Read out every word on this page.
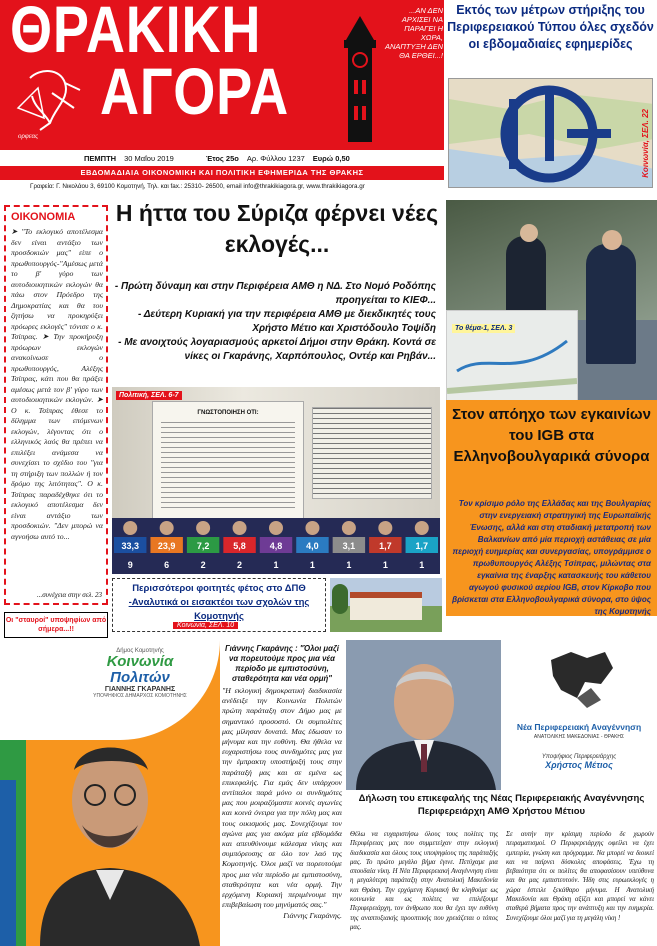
ΘΡΑΚΙΚΗ
ΑΓΟΡΑ
ορφεας
...ΑΝ ΔΕΝ ΑΡΧΙΣΕΙ ΝΑ ΠΑΡΑΓΕΙ Η ΧΩΡΑ, ΑΝΑΠΤΥΞΗ ΔΕΝ ΘΑ ΕΡΘΕΙ...!
ΠΕΜΠΤΗ 30 Μαΐου 2019	Έτος 25ο Αρ. Φύλλου 1237 Ευρώ 0,50
ΕΒΔΟΜΑΔΙΑΙΑ ΟΙΚΟΝΟΜΙΚΗ ΚΑΙ ΠΟΛΙΤΙΚΗ ΕΦΗΜΕΡΙΔΑ ΤΗΣ ΘΡΑΚΗΣ
Γραφεία: Γ. Νικολάου 3, 69100 Κομοτηνή, Τηλ. και fax.: 25310- 26500, email info@thrakikiagora.gr, www.thrakikiagora.gr
Εκτός των μέτρων στήριξης του Περιφερειακού Τύπου όλες σχεδόν οι εβδομαδιαίες εφημερίδες
Κοινωνία, ΣΕΛ. 22
ΟΙΚΟΝΟΜΙΑ

➤ "Το εκλογικό αποτέλεσμα δεν είναι αντάξιο των προσδοκιών μας" είπε ο πρωθυπουργός-"Αμέσως μετά το β' γύρο των αυτοδιοικητικών εκλογών θα πάω στον Πρόεδρο της Δημοκρατίας και θα του ζητήσω να προκηρύξει πρόωρες εκλογές" τόνισε ο κ. Τσίπρας. ➤ Την προκήρυξη πρόωρων εκλογών ανακοίνωσε ο πρωθυπουργός, Αλέξης Τσίπρας, κάτι που θα πράξει αμέσως μετά τον β' γύρο των αυτοδιοικητικών εκλογών. ➤ Ο κ. Τσίπρας έθεσε το δίλημμα των επόμενων εκλογών, λέγοντας ότι ο ελληνικός λαός θα πρέπει να επιλέξει ανάμεσα να συνεχίσει το σχέδιο του "για τη στήριξη των πολλών ή τον δρόμο της λιτότητας". Ο κ. Τσίπρας παραδέχθηκε ότι το εκλογικό αποτέλεσμα δεν είναι αντάξιο των προσδοκιών. "Δεν μπορώ να αγνοήσω αυτό το...

...συνέχεια στην σελ. 23
Οι "σταυροί" υποψηφίων από σήμερα...!!
Η ήττα του Σύριζα φέρνει νέες εκλογές...
- Πρώτη δύναμη και στην Περιφέρεια ΑΜΘ η ΝΔ. Στο Νομό Ροδόπης προηγείται το ΚΙΕΦ...
- Δεύτερη Κυριακή για την περιφέρεια ΑΜΘ με διεκδικητές τους Χρήστο Μέτιο και Χριστόδουλο Τοψίδη
- Με ανοιχτούς λογαριασμούς αρκετοί Δήμοι στην Θράκη. Κοντά σε νίκες οι Γκαράνης, Χαρπόπουλος, Οντέρ και Ρηβάν...
Πολιτική, ΣΕΛ. 6-7
ΓΝΩΣΤΟΠΟΙΗΣΗ ΟΤΙ:
33,3
9
23,9
6
7,2
2
5,8
2
4,8
1
4,0
1
3,1
1
1,7
1
1,7
1
Το θέμα-1, ΣΕΛ. 3
Στον απόηχο των εγκαινίων του IGB στα Ελληνοβουλγαρικά σύνορα
Τον κρίσιμο ρόλο της Ελλάδας και της Βουλγαρίας στην ενεργειακή στρατηγική της Ευρωπαϊκής Ένωσης, αλλά και στη σταδιακή μετατροπή των Βαλκανίων από μία περιοχή αστάθειας σε μία περιοχή ευημερίας και συνεργασίας, υπογράμμισε ο πρωθυπουργός Αλέξης Τσίπρας, μιλώντας στα εγκαίνια της έναρξης κατασκευής του κάθετου αγωγού φυσικού αερίου IGB, στον Κίρκοβο που βρίσκεται στα Ελληνοβουλγαρικά σύνορα, στο ύψος της Κομοτηνής
Περισσότεροι φοιτητές φέτος στο ΔΠΘ
-Αναλυτικά οι εισακτέοι των σχολών της Κομοτηνής
Κοινωνία, ΣΕΛ. 10
Δήμος Κομοτηνής
Κοινωνία
Πολιτών
ΓΙΑΝΝΗΣ ΓΚΑΡΑΝΗΣ
ΥΠΟΨΗΦΙΟΣ ΔΗΜΑΡΧΟΣ ΚΟΜΟΤΗΝΗΣ
Γιάννης Γκαράνης : "Όλοι μαζί να πορευτούμε προς μια νέα περίοδο με εμπιστοσύνη, σταθερότητα και νέα ορμή"
"Η εκλογική δημοκρατική διαδικασία ανέδειξε την Κοινωνία Πολιτών πρώτη παράταξη στον Δήμο μας με σημαντικό προσοστό. Οι συμπολίτες μας μίλησαν δυνατά. Μας έδωσαν το μήνυμα και την ευθύνη. Θα ήθελα να ευχαριστήσω τους συνδημότες μας για την έμπρακτη υποστήριξή τους στην παράταξή μας και σε εμένα ως επικεφαλής. Για εμάς δεν υπάρχουν αντίπαλοι παρά μόνο οι συνδημότες μας που μοιραζόμαστε κοινές αγωνίες και κοινά όνειρα για την πόλη μας και τους οικισμούς μας. Συνεχίζουμε τον αγώνα μας για ακόμα μία εβδομάδα και απευθύνουμε κάλεσμα νίκης και συμπόρευσης σε όλο τον λαό της Κομοτηνής. Όλοι μαζί να πορευτούμε προς μια νέα περίοδο με εμπιστοσύνη, σταθερότητα και νέα ορμή. Την ερχόμενη Κυριακή περιμένουμε την επιβεβαίωση του μηνύματός σας."
Γιάννης Γκαράνης.
Νέα Περιφερειακή Αναγέννηση
ΑΝΑΤΟΛΙΚΗΣ ΜΑΚΕΔΟΝΙΑΣ - ΘΡΑΚΗΣ
Υποψήφιος Περιφερειάρχης
Χρήστος Μέτιος
Δήλωση του επικεφαλής της Νέας Περιφερειακής Αναγέννησης Περιφερειάρχη ΑΜΘ Χρήστου Μέτιου
Θέλω να ευχαριστήσω όλους τους πολίτες της Περιφέρειας μας που συμμετείχαν στην εκλογική διαδικασία και όλους τους υποψηφίους της παράταξής μας. Το πρώτο μεγάλο βήμα έγινε. Πετύχαμε μια σπουδαία νίκη. Η Νέα Περιφερειακή Αναγέννηση είναι η μεγαλύτερη παράταξη στην Ανατολική Μακεδονία και Θράκη. Την ερχόμενη Κυριακή θα κληθούμε ως κοινωνία και ως πολίτες να επιλέξουμε Περιφερειάρχη, τον άνθρωπο που θα έχει την ευθύνη της αναπτυξιακής προοπτικής που χρειάζεται ο τόπος μας.
Σε αυτήν την κρίσιμη περίοδο δε χωρούν πειραματισμοί. Ο Περιφερειάρχης οφείλει να έχει εμπειρία, γνώση και πρόγραμμα. Να μπορεί να διοικεί και να παίρνει δύσκολες αποφάσεις. Έχω τη βεβαιότητα ότι οι πολίτες θα αποφασίσουν υπεύθυνα και θα μας εμπιστευτούν. Ήδη στις ευρωεκλογές η χώρα έστειλε ξεκάθαρο μήνυμα. Η Ανατολική Μακεδονία και Θράκη αξίζει και μπορεί να κάνει σταθερά βήματα προς την ανάπτυξη και την ευημερία. Συνεχίζουμε όλοι μαζί για τη μεγάλη νίκη !
